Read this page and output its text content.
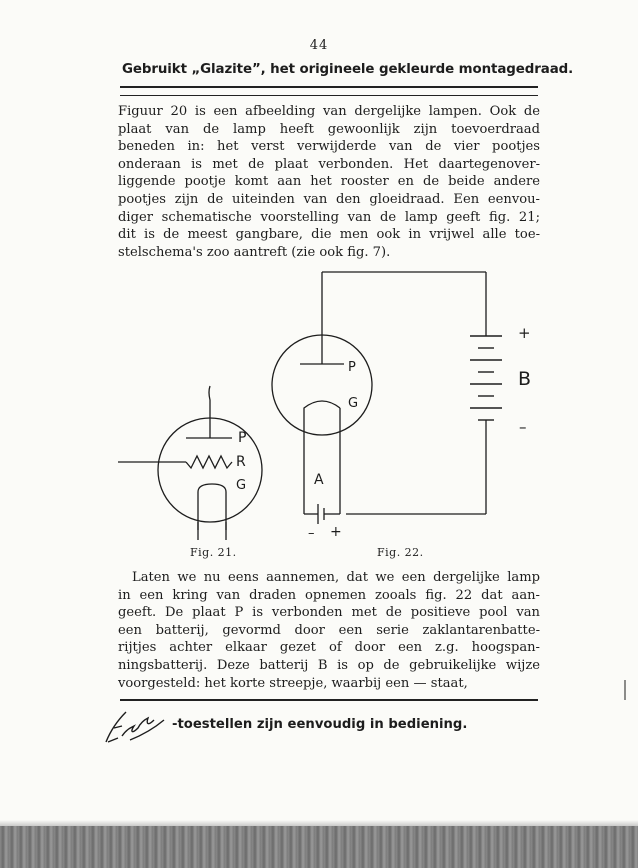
44
Gebruikt „Glazite”, het origineele gekleurde montagedraad.
Figuur 20 is een afbeelding van dergelijke lampen. Ook de
plaat van de lamp heeft gewoonlijk zijn toevoerdraad
beneden in: het verst verwijderde van de vier pootjes
onderaan is met de plaat verbonden. Het daartegenover-
liggende pootje komt aan het rooster en de beide andere
pootjes zijn de uiteinden van den gloeidraad. Een eenvou-
diger schematische voorstelling van de lamp geeft fig. 21;
dit is de meest gangbare, die men ook in vrijwel alle toe-
stelschema's zoo aantreft (zie ook fig. 7).
P
R
G
P
G
A
– +
+
B
–
Fig. 21.	Fig. 22.
Laten we nu eens aannemen, dat we een dergelijke lamp
in een kring van draden opnemen zooals fig. 22 dat aan-
geeft. De plaat P is verbonden met de positieve pool van
een batterij, gevormd door een serie zaklantarenbatte-
rijtjes achter elkaar gezet of door een z.g. hoogspan-
ningsbatterij. Deze batterij B is op de gebruikelijke wijze
voorgesteld: het korte streepje, waarbij een — staat,
-toestellen zijn eenvoudig in bediening.
